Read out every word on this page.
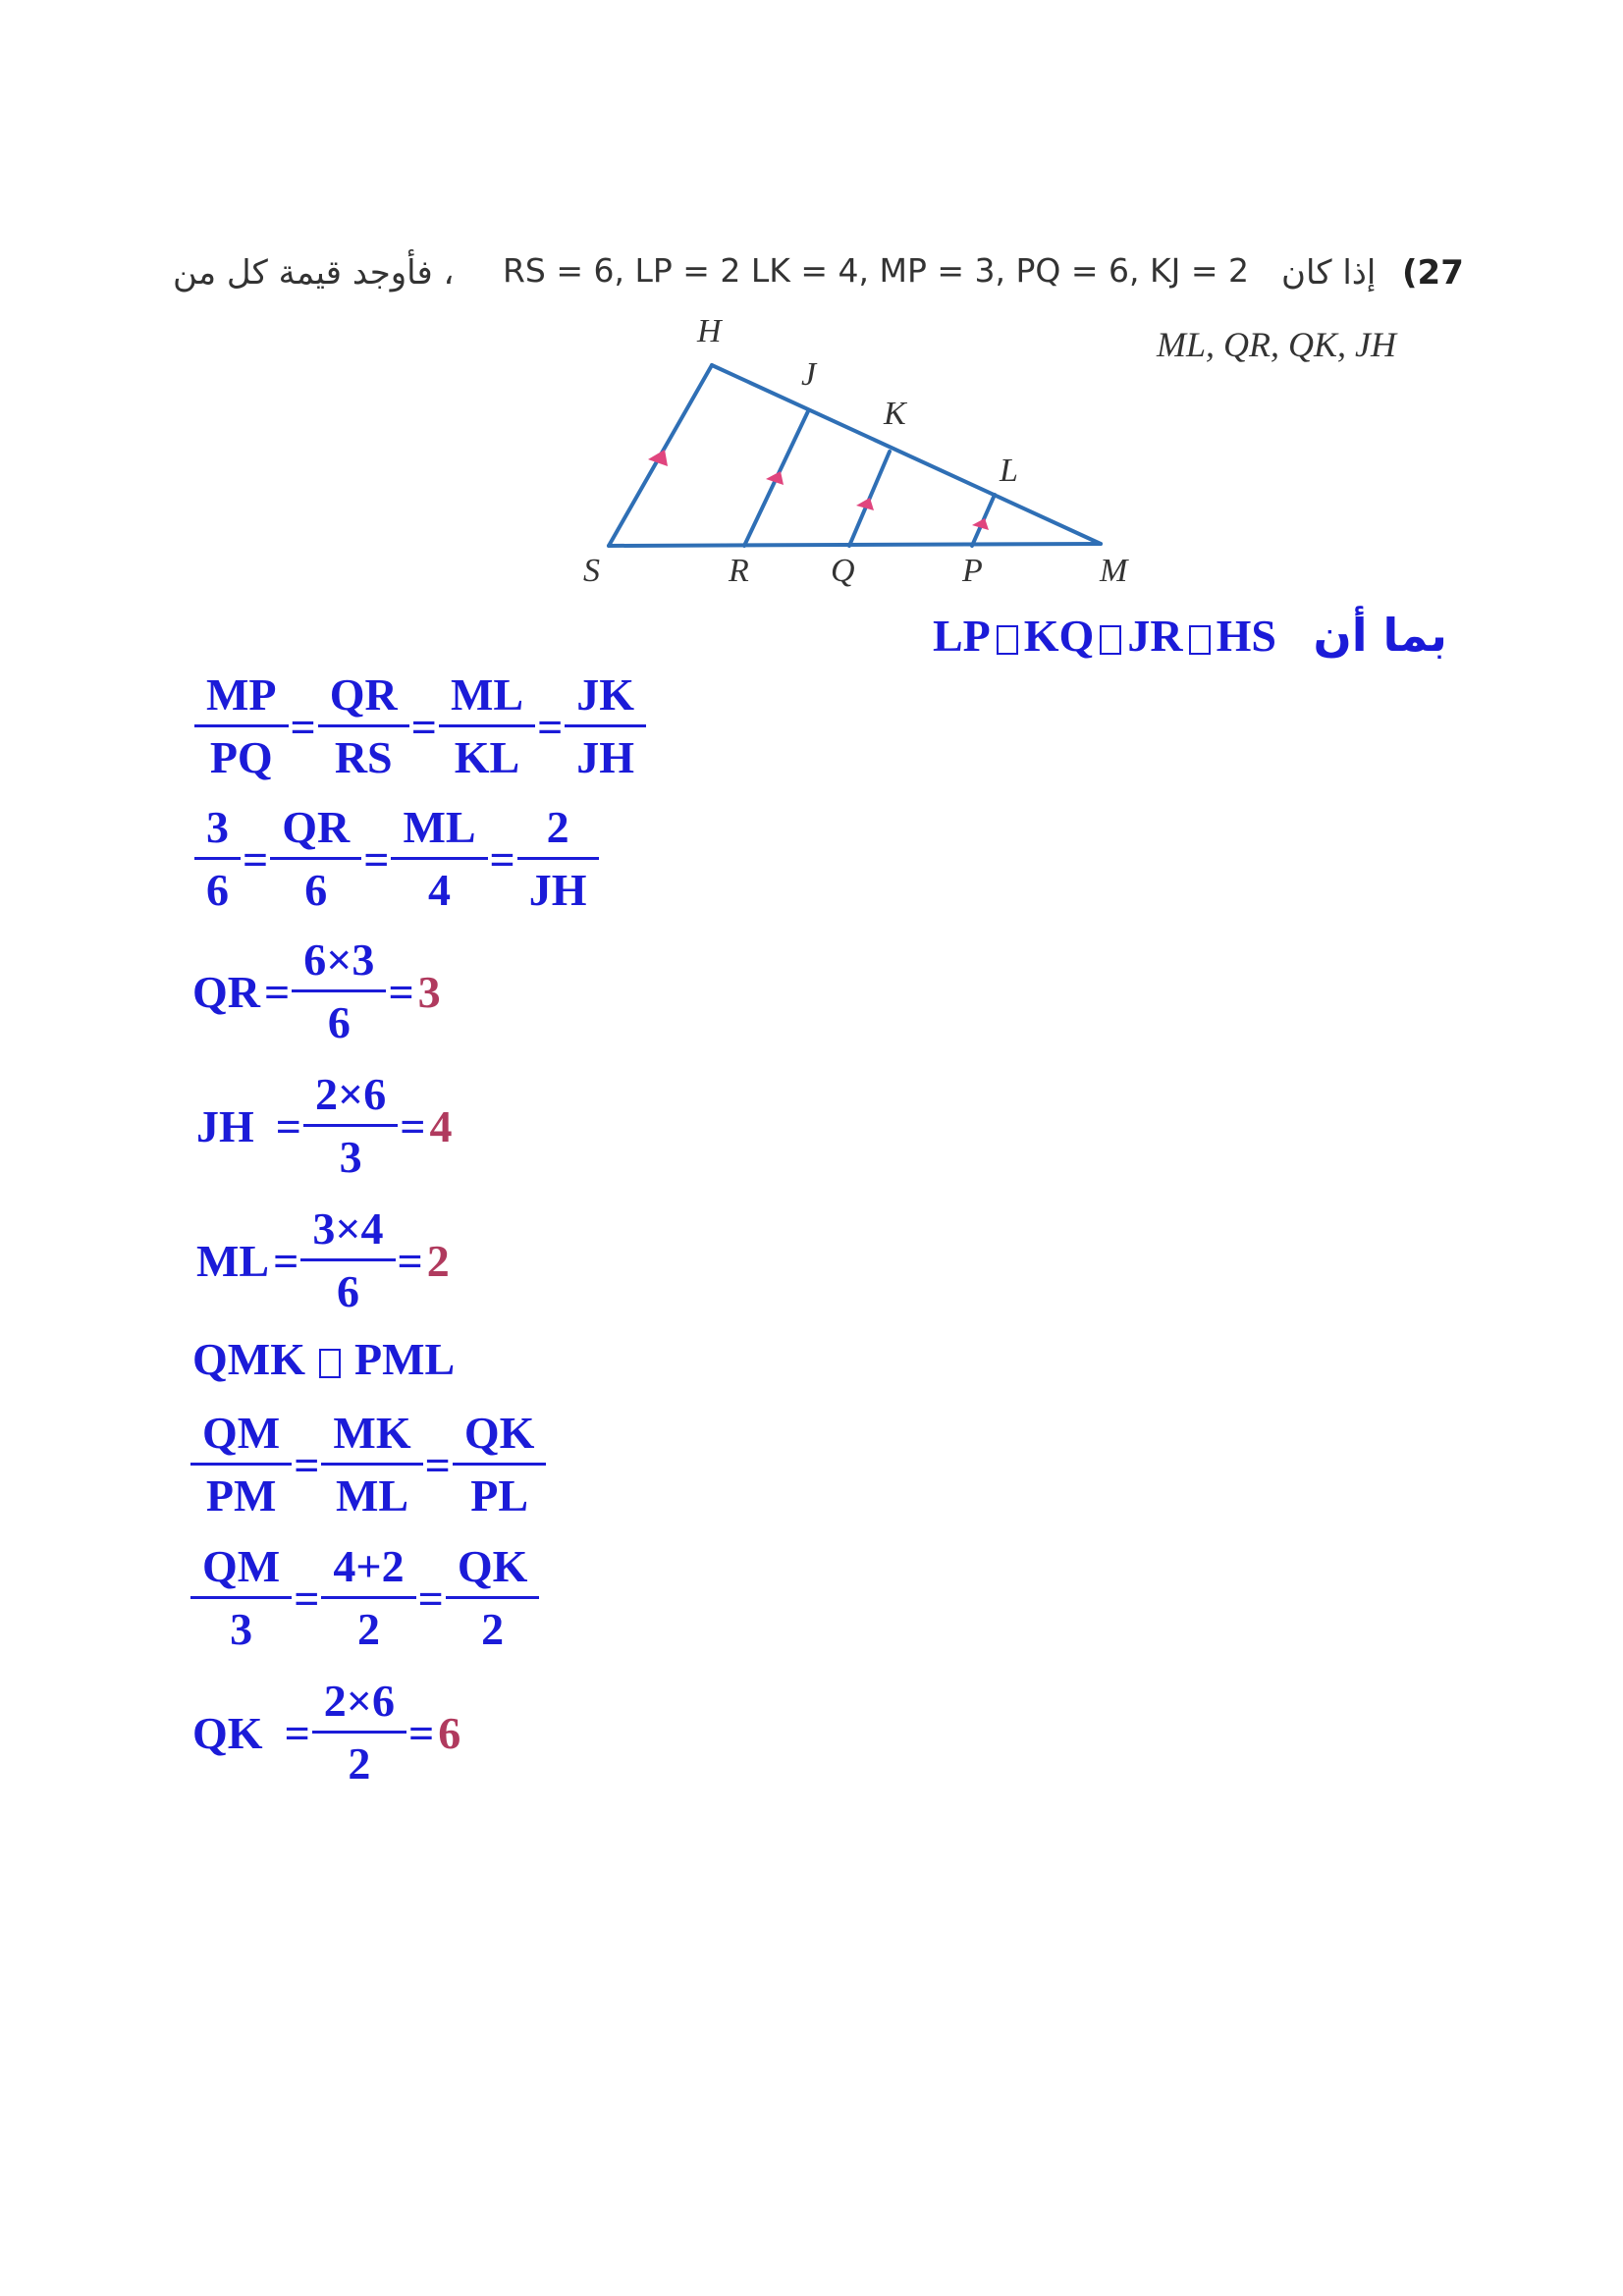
(27
إذا كان
RS = 6, LP = 2 LK = 4, MP = 3, PQ = 6, KJ = 2
، فأوجد قيمة كل من
ML, QR, QK, JH
H
J
K
L
S	R Q	P	M
LP KQ JR HS بما أن
$\frac{MP}{PQ} = \frac{QR}{RS} = \frac{ML}{KL} = \frac{JK}{JH}$
$\frac{3}{6} = \frac{QR}{6} = \frac{ML}{4} = \frac{2}{JH}$
QR = $\frac{6\times 3}{6} = 3$
JH = $\frac{2\times 6}{3} = 4$
ML = $\frac{3\times 4}{6} = 2$
QMK PML
$\frac{QM}{PM} = \frac{MK}{ML} = \frac{QK}{PL}$
$\frac{QM}{3} = \frac{4+2}{2} = \frac{QK}{2}$
QK = $\frac{2\times 6}{2} = 6$
